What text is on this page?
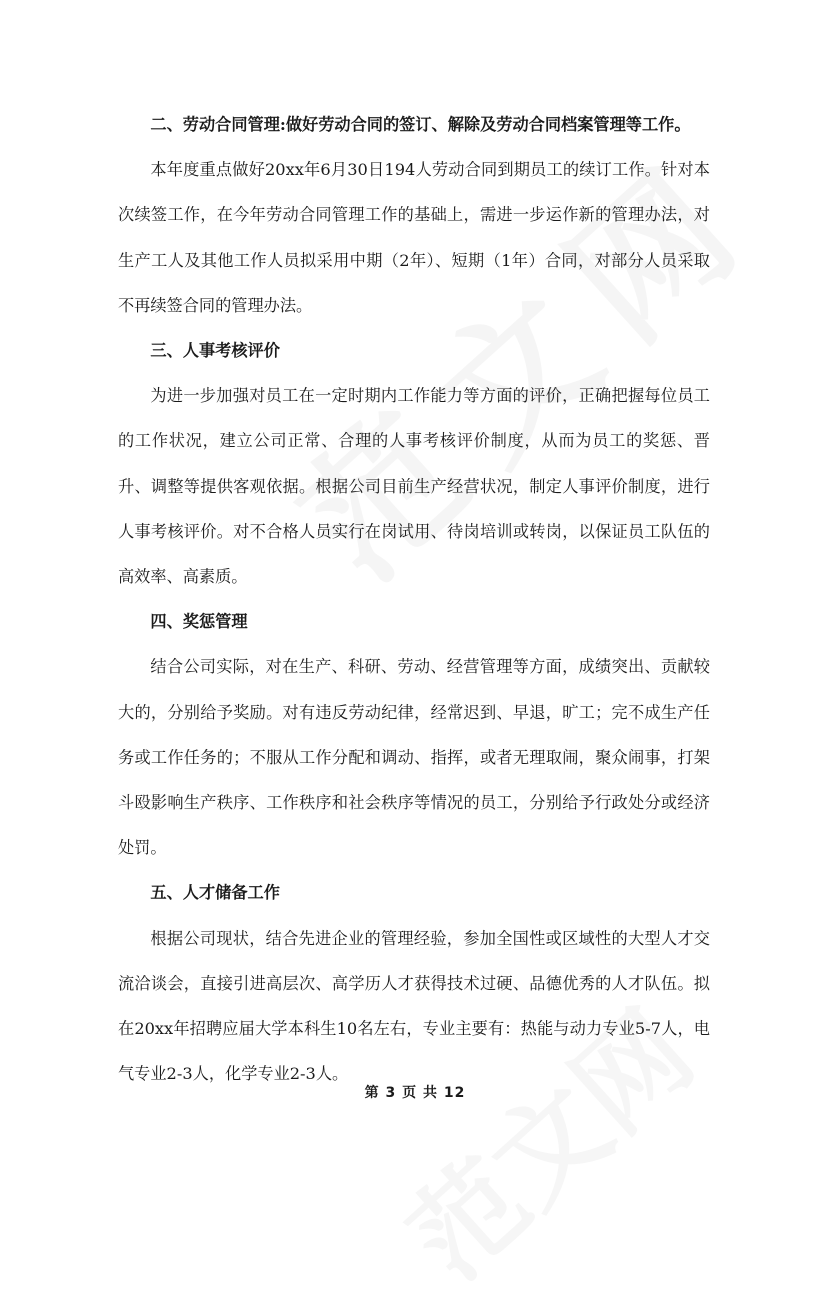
二、劳动合同管理:做好劳动合同的签订、解除及劳动合同档案管理等工作。

本年度重点做好20xx年6月30日194人劳动合同到期员工的续订工作。针对本次续签工作，在今年劳动合同管理工作的基础上，需进一步运作新的管理办法，对生产工人及其他工作人员拟采用中期（2年）、短期（1年）合同，对部分人员采取不再续签合同的管理办法。

三、人事考核评价

为进一步加强对员工在一定时期内工作能力等方面的评价，正确把握每位员工的工作状况，建立公司正常、合理的人事考核评价制度，从而为员工的奖惩、晋升、调整等提供客观依据。根据公司目前生产经营状况，制定人事评价制度，进行人事考核评价。对不合格人员实行在岗试用、待岗培训或转岗，以保证员工队伍的高效率、高素质。

四、奖惩管理

结合公司实际，对在生产、科研、劳动、经营管理等方面，成绩突出、贡献较大的，分别给予奖励。对有违反劳动纪律，经常迟到、早退，旷工；完不成生产任务或工作任务的；不服从工作分配和调动、指挥，或者无理取闹，聚众闹事，打架斗殴影响生产秩序、工作秩序和社会秩序等情况的员工，分别给予行政处分或经济处罚。

五、人才储备工作

根据公司现状，结合先进企业的管理经验，参加全国性或区域性的大型人才交流洽谈会，直接引进高层次、高学历人才获得技术过硬、品德优秀的人才队伍。拟在20xx年招聘应届大学本科生10名左右，专业主要有：热能与动力专业5-7人，电气专业2-3人，化学专业2-3人。

第 3 页 共 12
